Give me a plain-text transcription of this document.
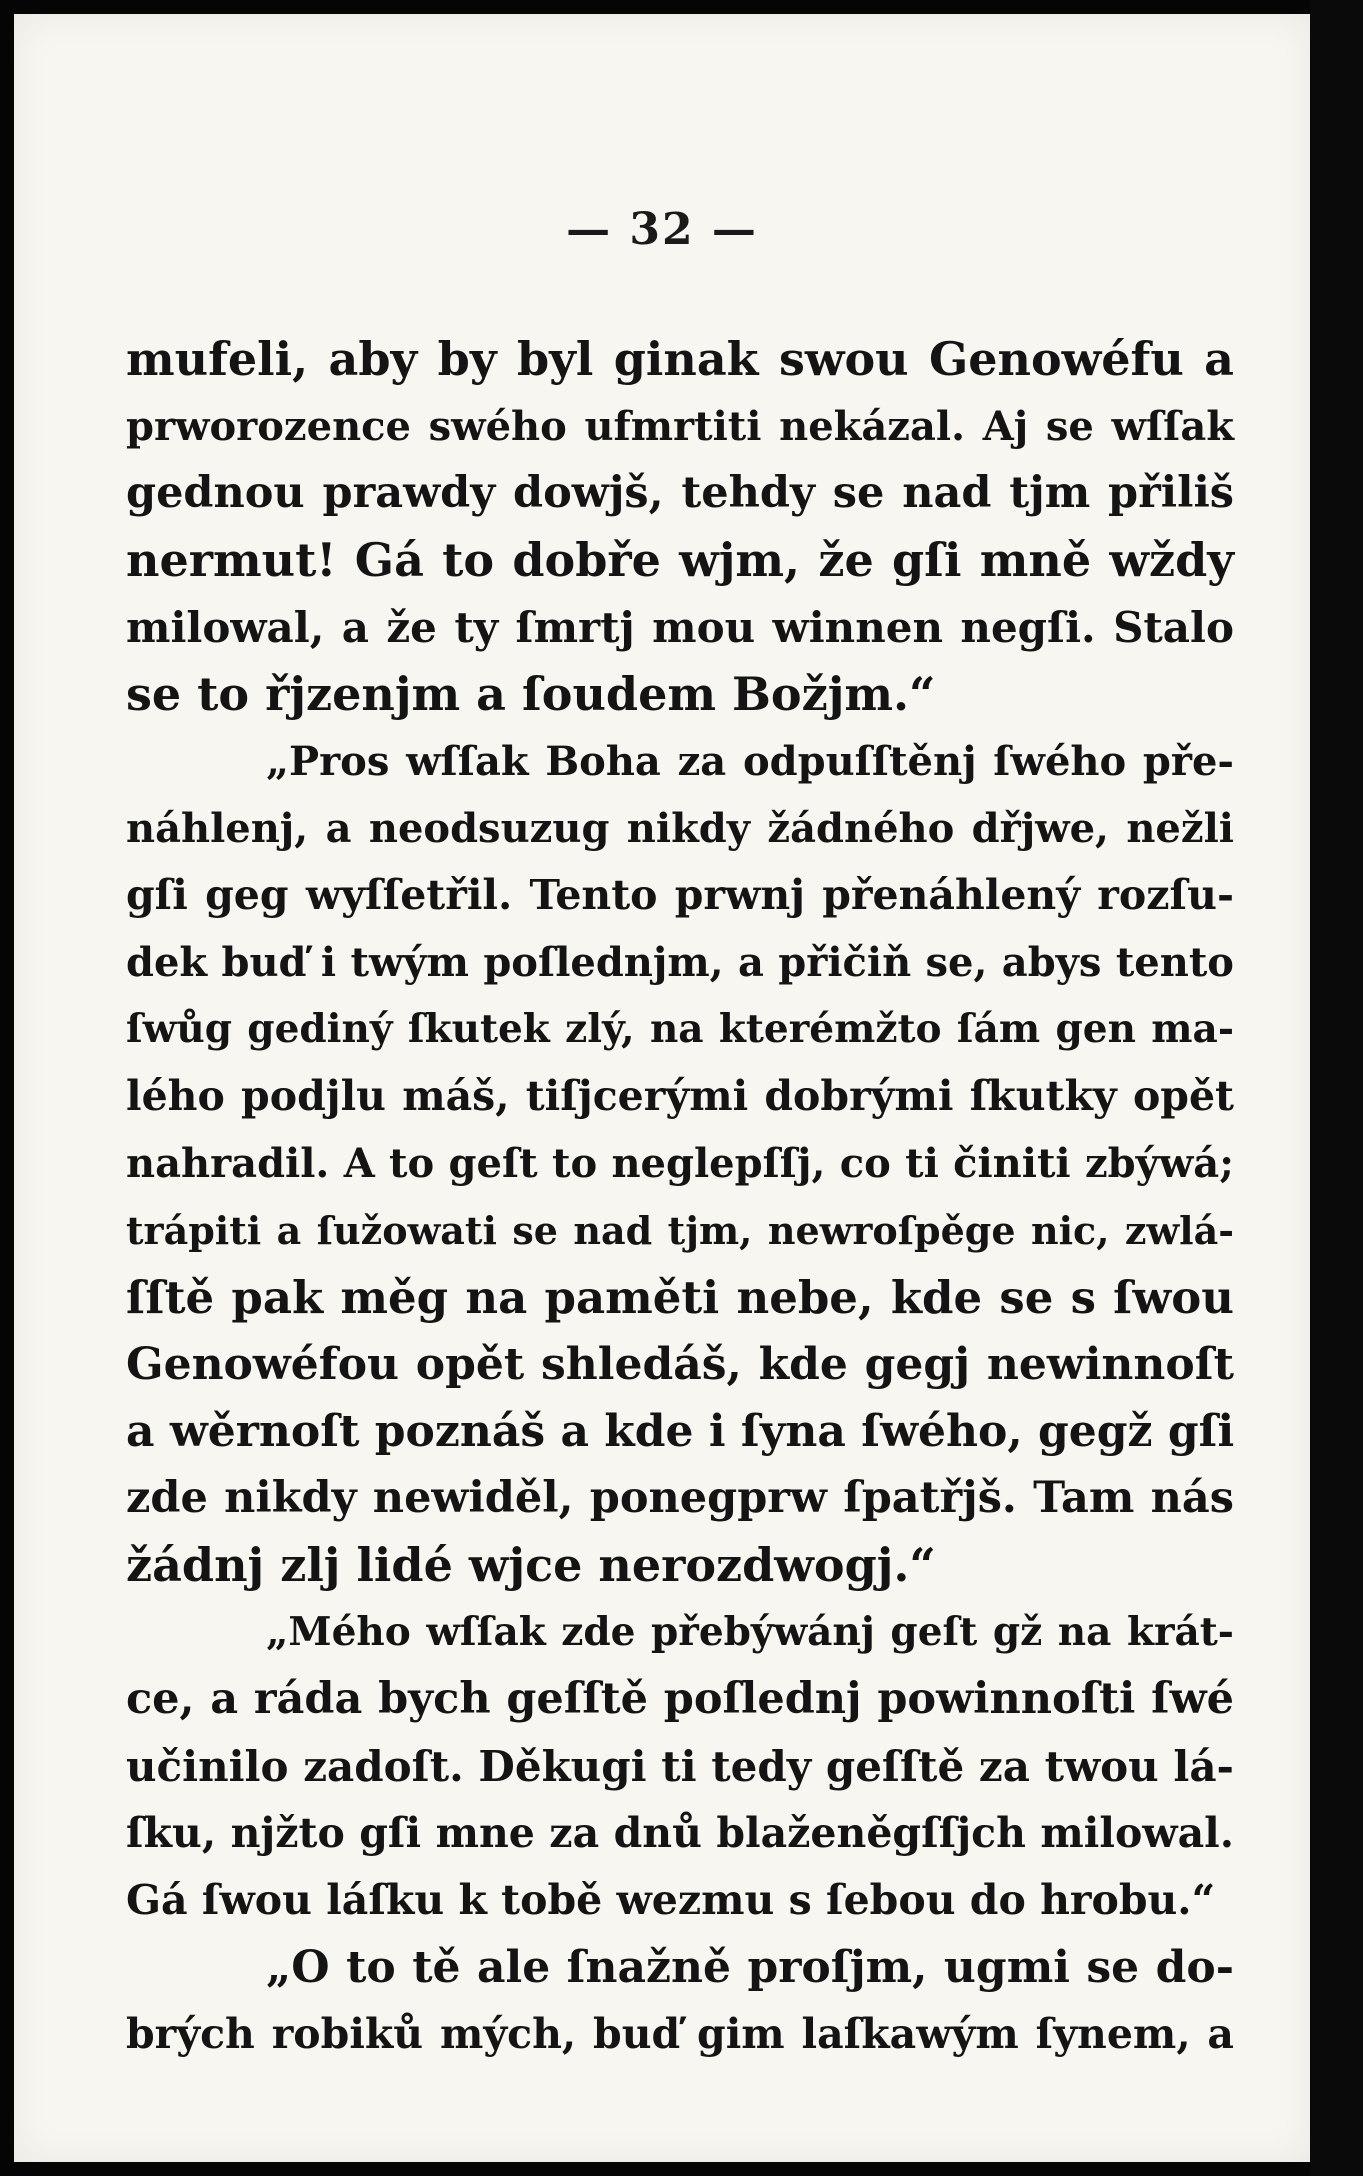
— 32 —
mufeli, aby by byl ginak swou Genowéfu a
prworozence swého ufmrtiti nekázal. Aj se wſſak
gednou prawdy dowjš, tehdy se nad tjm přiliš
nermut! Gá to dobře wjm, že gſi mně wždy
milowal, a že ty ſmrtj mou winnen negſi. Stalo
se to řjzenjm a ſoudem Božjm.“
„Pros wſſak Boha za odpuſſtěnj ſwého pře-
náhlenj, a neodsuzug nikdy žádného dřjwe, nežli
gſi geg wyſſetřil. Tento prwnj přenáhlený rozſu-
dek buď i twým poſlednjm, a přičiň se, abys tento
ſwůg gediný ſkutek zlý, na kterémžto ſám gen ma-
lého podjlu máš, tiſjcerými dobrými ſkutky opět
nahradil. A to geſt to neglepſſj, co ti činiti zbýwá;
trápiti a ſužowati se nad tjm, newroſpěge nic, zwlá-
ſſtě pak měg na paměti nebe, kde se s ſwou
Genowéfou opět shledáš, kde gegj newinnoſt
a wěrnoſt poznáš a kde i ſyna ſwého, gegž gſi
zde nikdy newiděl, ponegprw ſpatřjš. Tam nás
žádnj zlj lidé wjce nerozdwogj.“
„Mého wſſak zde přebýwánj geſt gž na krát-
ce, a ráda bych geſſtě poſlednj powinnoſti ſwé
učinilo zadoſt. Děkugi ti tedy geſſtě za twou lá-
ſku, njžto gſi mne za dnů blaženěgſſjch milowal.
Gá ſwou láſku k tobě wezmu s ſebou do hrobu.“
„O to tě ale ſnažně proſjm, ugmi se do-
brých robiků mých, buď gim laſkawým ſynem, a
